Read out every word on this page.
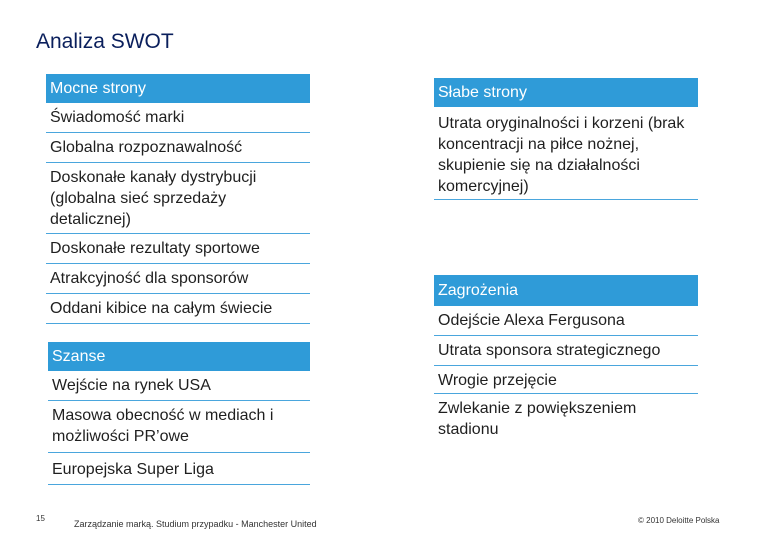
Analiza SWOT
Mocne strony
Świadomość marki
Globalna rozpoznawalność
Doskonałe kanały dystrybucji (globalna sieć sprzedaży detalicznej)
Doskonałe rezultaty sportowe
Atrakcyjność dla sponsorów
Oddani kibice na całym świecie
Słabe strony
Utrata oryginalności i korzeni (brak koncentracji na piłce nożnej, skupienie się na działalności komercyjnej)
Szanse
Wejście na rynek USA
Masowa obecność w mediach i możliwości PR’owe
Europejska Super Liga
Zagrożenia
Odejście Alexa Fergusona
Utrata sponsora strategicznego
Wrogie przejęcie
Zwlekanie z powiększeniem stadionu
15
Zarządzanie marką. Studium przypadku - Manchester United	© 2010 Deloitte Polska
